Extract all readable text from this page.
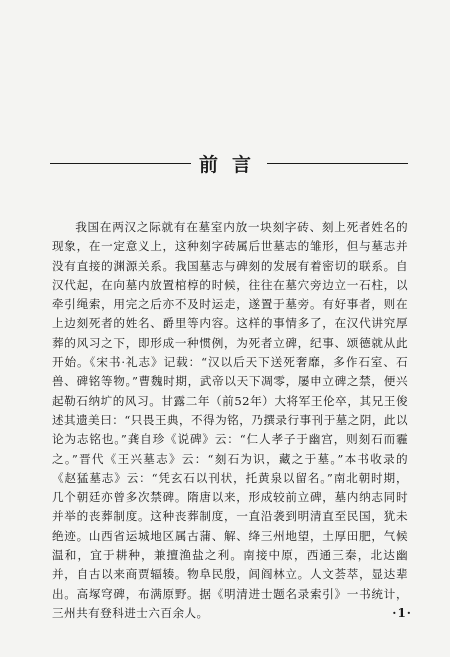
前言

我国在两汉之际就有在墓室内放一块刻字砖、刻上死者姓名的现象，在一定意义上，这种刻字砖属后世墓志的雏形，但与墓志并没有直接的渊源关系。我国墓志与碑刻的发展有着密切的联系。自汉代起，在向墓内放置棺椁的时候，往往在墓穴旁边立一石柱，以牵引绳索，用完之后亦不及时运走，遂置于墓旁。有好事者，则在上边刻死者的姓名、爵里等内容。这样的事情多了，在汉代讲究厚葬的风习之下，即形成一种惯例，为死者立碑，纪事、颂德就从此开始。《宋书·礼志》记载：“汉以后天下送死奢靡，多作石室、石兽、碑铭等物。”曹魏时期，武帝以天下凋零，屡申立碑之禁，便兴起勒石纳圹的风习。甘露二年（前52年）大将军王伦卒，其兄王俊述其遗美曰：“只畏王典，不得为铭，乃撰录行事刊于墓之阴，此以论为志铭也。”龚自珍《说碑》云：“仁人孝子于幽宫，则刻石而霾之。”晋代《王兴墓志》云：“刻石为识，藏之于墓。”本书收录的《赵猛墓志》云：“凭玄石以刊状，托黄泉以留名。”南北朝时期，几个朝廷亦曾多次禁碑。隋唐以来，形成较前立碑，墓内纳志同时并举的丧葬制度。这种丧葬制度，一直沿袭到明清直至民国，犹未绝迹。山西省运城地区属古蒲、解、绛三州地望，土厚田肥，气候温和，宜于耕种，兼擅渔盐之利。南接中原，西通三秦，北达幽并，自古以来商贾辐辏。物阜民殷，闾阎林立。人文荟萃，显达辈出。高塚穹碑，布满原野。据《明清进士题名录索引》一书统计，三州共有登科进士六百余人。	·1·
